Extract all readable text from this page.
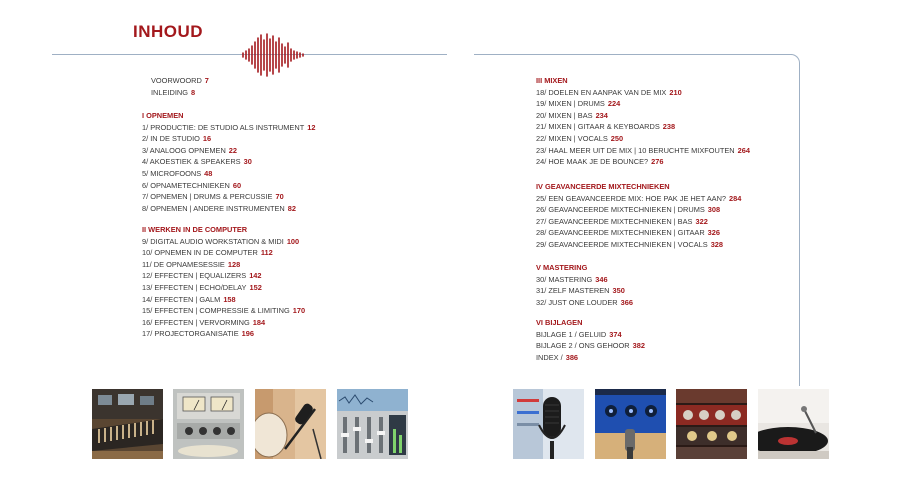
INHOUD
VOORWOORD 7
INLEIDING 8
I OPNEMEN
1/ PRODUCTIE: DE STUDIO ALS INSTRUMENT 12
2/ IN DE STUDIO 16
3/ ANALOOG OPNEMEN 22
4/ AKOESTIEK & SPEAKERS 30
5/ MICROFOONS 48
6/ OPNAMETECHNIEKEN 60
7/ OPNEMEN | DRUMS & PERCUSSIE 70
8/ OPNEMEN | ANDERE INSTRUMENTEN 82
II WERKEN IN DE COMPUTER
9/ DIGITAL AUDIO WORKSTATION & MIDI 100
10/ OPNEMEN IN DE COMPUTER 112
11/ DE OPNAMESESSIE 128
12/ EFFECTEN | EQUALIZERS 142
13/ EFFECTEN | ECHO/DELAY 152
14/ EFFECTEN | GALM 158
15/ EFFECTEN | COMPRESSIE & LIMITING 170
16/ EFFECTEN | VERVORMING 184
17/ PROJECTORGANISATIE 196
III MIXEN
18/ DOELEN EN AANPAK VAN DE MIX 210
19/ MIXEN | DRUMS 224
20/ MIXEN | BAS 234
21/ MIXEN | GITAAR & KEYBOARDS 238
22/ MIXEN | VOCALS 250
23/ HAAL MEER UIT DE MIX | 10 BERUCHTE MIXFOUTEN 264
24/ HOE MAAK JE DE BOUNCE? 276
IV GEAVANCEERDE MIXTECHNIEKEN
25/ EEN GEAVANCEERDE MIX: HOE PAK JE HET AAN? 284
26/ GEAVANCEERDE MIXTECHNIEKEN | DRUMS 308
27/ GEAVANCEERDE MIXTECHNIEKEN | BAS 322
28/ GEAVANCEERDE MIXTECHNIEKEN | GITAAR 326
29/ GEAVANCEERDE MIXTECHNIEKEN | VOCALS 328
V MASTERING
30/ MASTERING 346
31/ ZELF MASTEREN 350
32/ JUST ONE LOUDER 366
VI BIJLAGEN
BIJLAGE 1 / GELUID 374
BIJLAGE 2 / ONS GEHOOR 382
INDEX / 386
